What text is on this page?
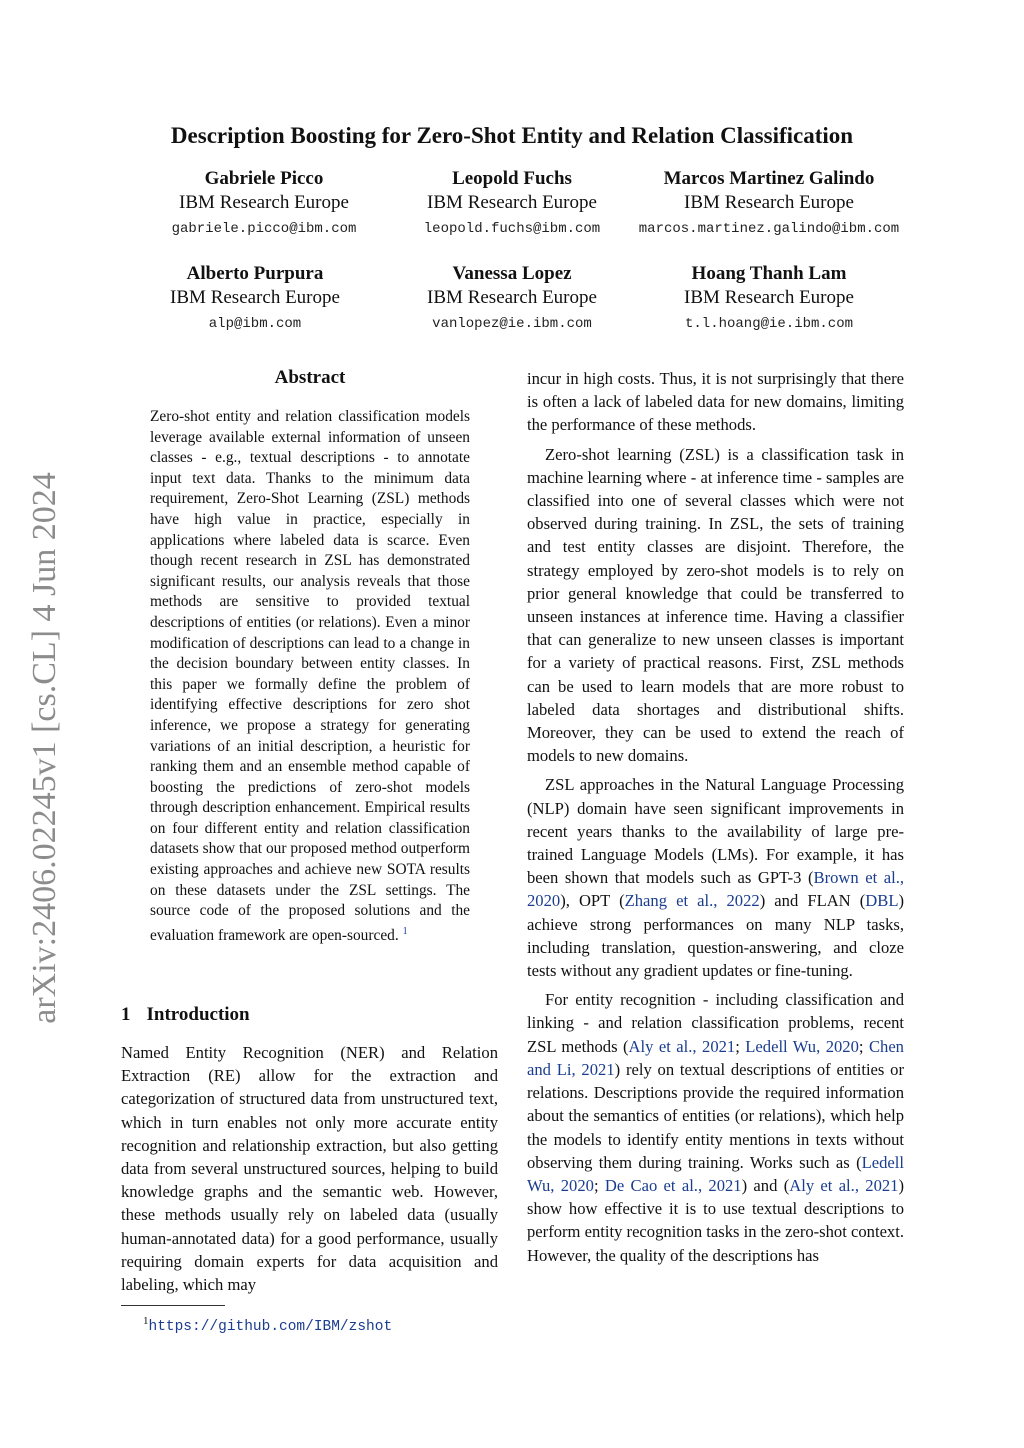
arXiv:2406.02245v1 [cs.CL] 4 Jun 2024
Description Boosting for Zero-Shot Entity and Relation Classification
Gabriele Picco
IBM Research Europe
gabriele.picco@ibm.com
Leopold Fuchs
IBM Research Europe
leopold.fuchs@ibm.com
Marcos Martinez Galindo
IBM Research Europe
marcos.martinez.galindo@ibm.com
Alberto Purpura
IBM Research Europe
alp@ibm.com
Vanessa Lopez
IBM Research Europe
vanlopez@ie.ibm.com
Hoang Thanh Lam
IBM Research Europe
t.l.hoang@ie.ibm.com
Abstract
Zero-shot entity and relation classification models leverage available external information of unseen classes - e.g., textual descriptions - to annotate input text data. Thanks to the minimum data requirement, Zero-Shot Learning (ZSL) methods have high value in practice, especially in applications where labeled data is scarce. Even though recent research in ZSL has demonstrated significant results, our analysis reveals that those methods are sensitive to provided textual descriptions of entities (or relations). Even a minor modification of descriptions can lead to a change in the decision boundary between entity classes. In this paper we formally define the problem of identifying effective descriptions for zero shot inference, we propose a strategy for generating variations of an initial description, a heuristic for ranking them and an ensemble method capable of boosting the predictions of zero-shot models through description enhancement. Empirical results on four different entity and relation classification datasets show that our proposed method outperform existing approaches and achieve new SOTA results on these datasets under the ZSL settings. The source code of the proposed solutions and the evaluation framework are open-sourced. $^1$
1 Introduction

Named Entity Recognition (NER) and Relation Extraction (RE) allow for the extraction and categorization of structured data from unstructured text, which in turn enables not only more accurate entity recognition and relationship extraction, but also getting data from several unstructured sources, helping to build knowledge graphs and the semantic web. However, these methods usually rely on labeled data (usually human-annotated data) for a good performance, usually requiring domain experts for data acquisition and labeling, which may

incur in high costs. Thus, it is not surprisingly that there is often a lack of labeled data for new domains, limiting the performance of these methods.

Zero-shot learning (ZSL) is a classification task in machine learning where - at inference time - samples are classified into one of several classes which were not observed during training. In ZSL, the sets of training and test entity classes are disjoint. Therefore, the strategy employed by zero-shot models is to rely on prior general knowledge that could be transferred to unseen instances at inference time. Having a classifier that can generalize to new unseen classes is important for a variety of practical reasons. First, ZSL methods can be used to learn models that are more robust to labeled data shortages and distributional shifts. Moreover, they can be used to extend the reach of models to new domains.

ZSL approaches in the Natural Language Processing (NLP) domain have seen significant improvements in recent years thanks to the availability of large pre-trained Language Models (LMs). For example, it has been shown that models such as GPT-3 (Brown et al., 2020), OPT (Zhang et al., 2022) and FLAN (DBL) achieve strong performances on many NLP tasks, including translation, question-answering, and cloze tests without any gradient updates or fine-tuning.

For entity recognition - including classification and linking - and relation classification problems, recent ZSL methods (Aly et al., 2021; Ledell Wu, 2020; Chen and Li, 2021) rely on textual descriptions of entities or relations. Descriptions provide the required information about the semantics of entities (or relations), which help the models to identify entity mentions in texts without observing them during training. Works such as (Ledell Wu, 2020; De Cao et al., 2021) and (Aly et al., 2021) show how effective it is to use textual descriptions to perform entity recognition tasks in the zero-shot context. However, the quality of the descriptions has

$^1$https://github.com/IBM/zshot
